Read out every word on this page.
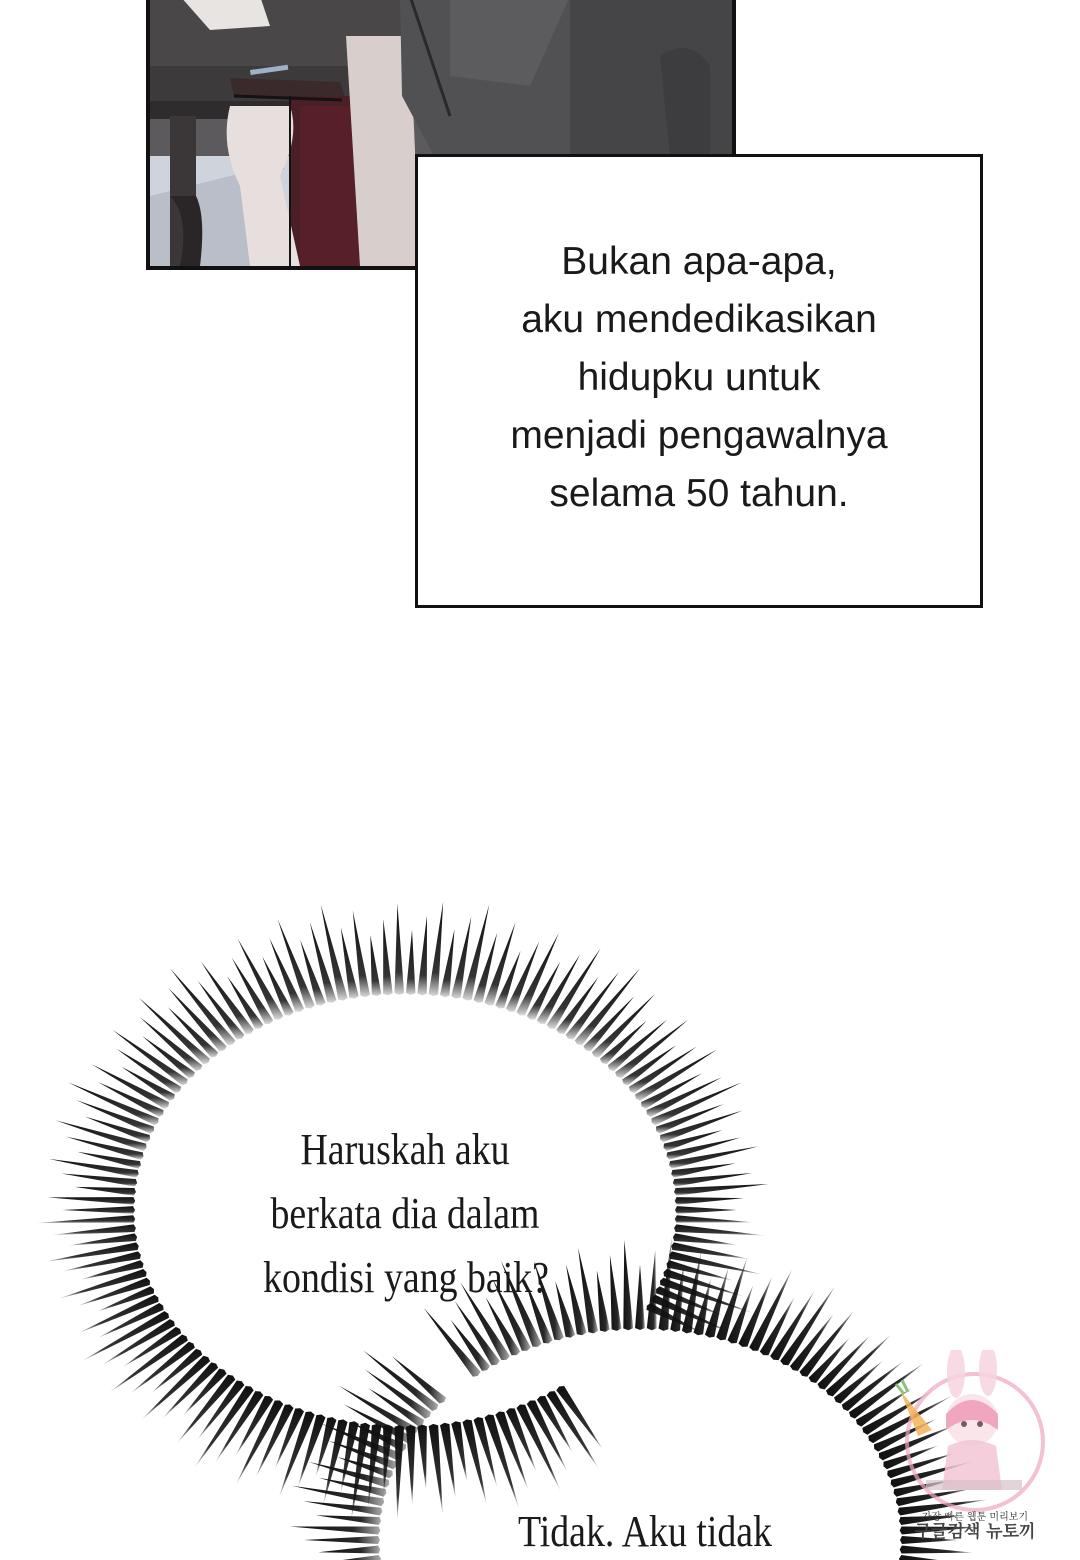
Bukan apa-apa,
aku mendedikasikan
hidupku untuk
menjadi pengawalnya
selama 50 tahun.
Haruskah aku
berkata dia dalam
kondisi yang baik?
Tidak. Aku tidak	가장 빠른 웹툰 미리보기
구글검색 뉴토끼
